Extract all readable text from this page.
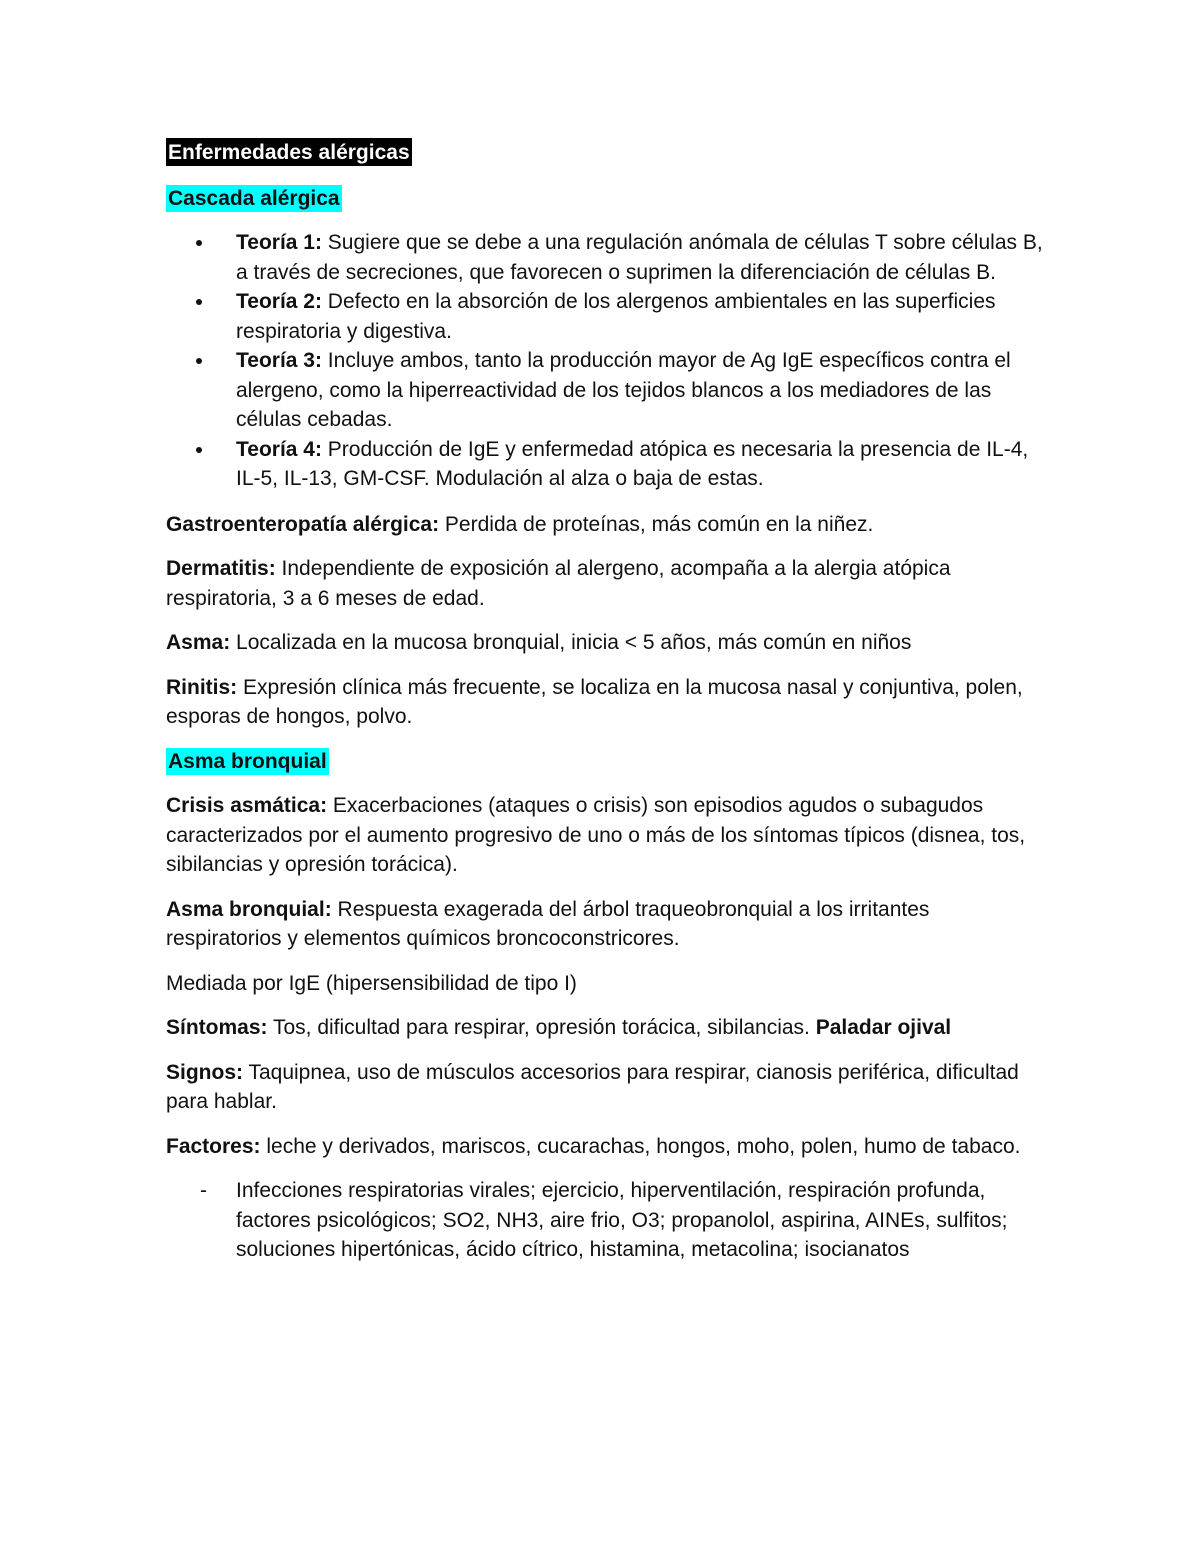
Enfermedades alérgicas
Cascada alérgica
Teoría 1: Sugiere que se debe a una regulación anómala de células T sobre células B, a través de secreciones, que favorecen o suprimen la diferenciación de células B.
Teoría 2: Defecto en la absorción de los alergenos ambientales en las superficies respiratoria y digestiva.
Teoría 3: Incluye ambos, tanto la producción mayor de Ag IgE específicos contra el alergeno, como la hiperreactividad de los tejidos blancos a los mediadores de las células cebadas.
Teoría 4: Producción de IgE y enfermedad atópica es necesaria la presencia de IL-4, IL-5, IL-13, GM-CSF. Modulación al alza o baja de estas.

Gastroenteropatía alérgica: Perdida de proteínas, más común en la niñez.

Dermatitis: Independiente de exposición al alergeno, acompaña a la alergia atópica respiratoria, 3 a 6 meses de edad.

Asma: Localizada en la mucosa bronquial, inicia < 5 años, más común en niños

Rinitis: Expresión clínica más frecuente, se localiza en la mucosa nasal y conjuntiva, polen, esporas de hongos, polvo.

Asma bronquial

Crisis asmática: Exacerbaciones (ataques o crisis) son episodios agudos o subagudos caracterizados por el aumento progresivo de uno o más de los síntomas típicos (disnea, tos, sibilancias y opresión torácica).

Asma bronquial: Respuesta exagerada del árbol traqueobronquial a los irritantes respiratorios y elementos químicos broncoconstricores.

Mediada por IgE (hipersensibilidad de tipo I)

Síntomas: Tos, dificultad para respirar, opresión torácica, sibilancias. Paladar ojival

Signos: Taquipnea, uso de músculos accesorios para respirar, cianosis periférica, dificultad para hablar.

Factores: leche y derivados, mariscos, cucarachas, hongos, moho, polen, humo de tabaco.

- Infecciones respiratorias virales; ejercicio, hiperventilación, respiración profunda, factores psicológicos; SO2, NH3, aire frio, O3; propanolol, aspirina, AINEs, sulfitos; soluciones hipertónicas, ácido cítrico, histamina, metacolina; isocianatos
